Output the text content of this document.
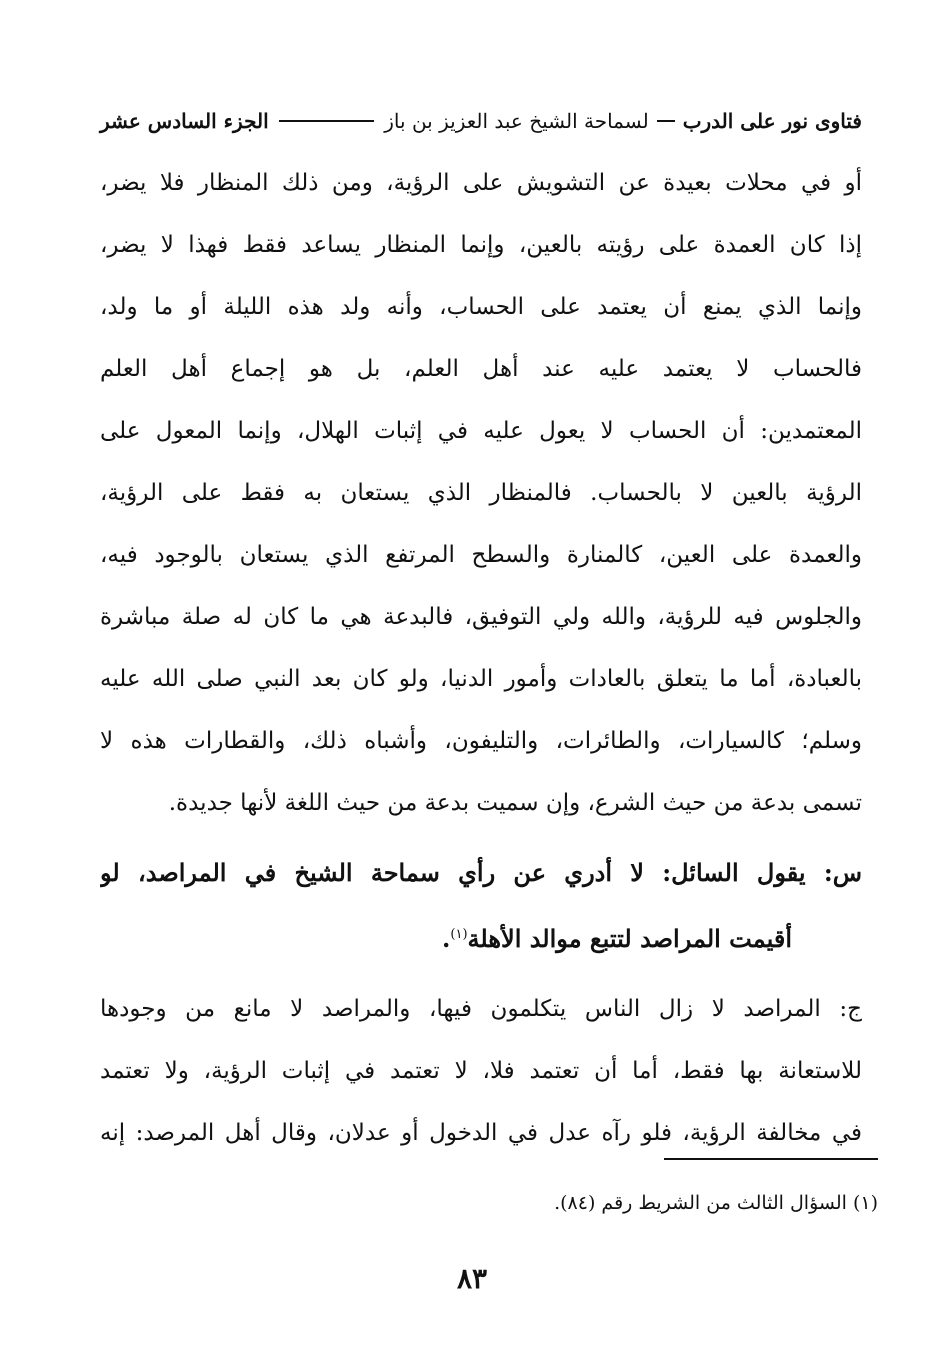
فتاوى نور على الدرب
لسماحة الشيخ عبد العزيز بن باز
الجزء السادس عشر
أو في محلات بعيدة عن التشويش على الرؤية، ومن ذلك المنظار فلا يضر،
إذا كان العمدة على رؤيته بالعين، وإنما المنظار يساعد فقط فهذا لا يضر،
وإنما الذي يمنع أن يعتمد على الحساب، وأنه ولد هذه الليلة أو ما ولد،
فالحساب لا يعتمد عليه عند أهل العلم، بل هو إجماع أهل العلم
المعتمدين: أن الحساب لا يعول عليه في إثبات الهلال، وإنما المعول على
الرؤية بالعين لا بالحساب. فالمنظار الذي يستعان به فقط على الرؤية،
والعمدة على العين، كالمنارة والسطح المرتفع الذي يستعان بالوجود فيه،
والجلوس فيه للرؤية، والله ولي التوفيق، فالبدعة هي ما كان له صلة مباشرة
بالعبادة، أما ما يتعلق بالعادات وأمور الدنيا، ولو كان بعد النبي صلى الله عليه
وسلم؛ كالسيارات، والطائرات، والتليفون، وأشباه ذلك، والقطارات هذه لا
تسمى بدعة من حيث الشرع، وإن سميت بدعة من حيث اللغة لأنها جديدة.
س: يقول السائل: لا أدري عن رأي سماحة الشيخ في المراصد، لو
أقيمت المراصد لتتبع موالد الأهلة$^{(١)}$.
ج: المراصد لا زال الناس يتكلمون فيها، والمراصد لا مانع من وجودها
للاستعانة بها فقط، أما أن تعتمد فلا، لا تعتمد في إثبات الرؤية، ولا تعتمد
في مخالفة الرؤية، فلو رآه عدل في الدخول أو عدلان، وقال أهل المرصد: إنه
(١) السؤال الثالث من الشريط رقم (٨٤).
٨٣
